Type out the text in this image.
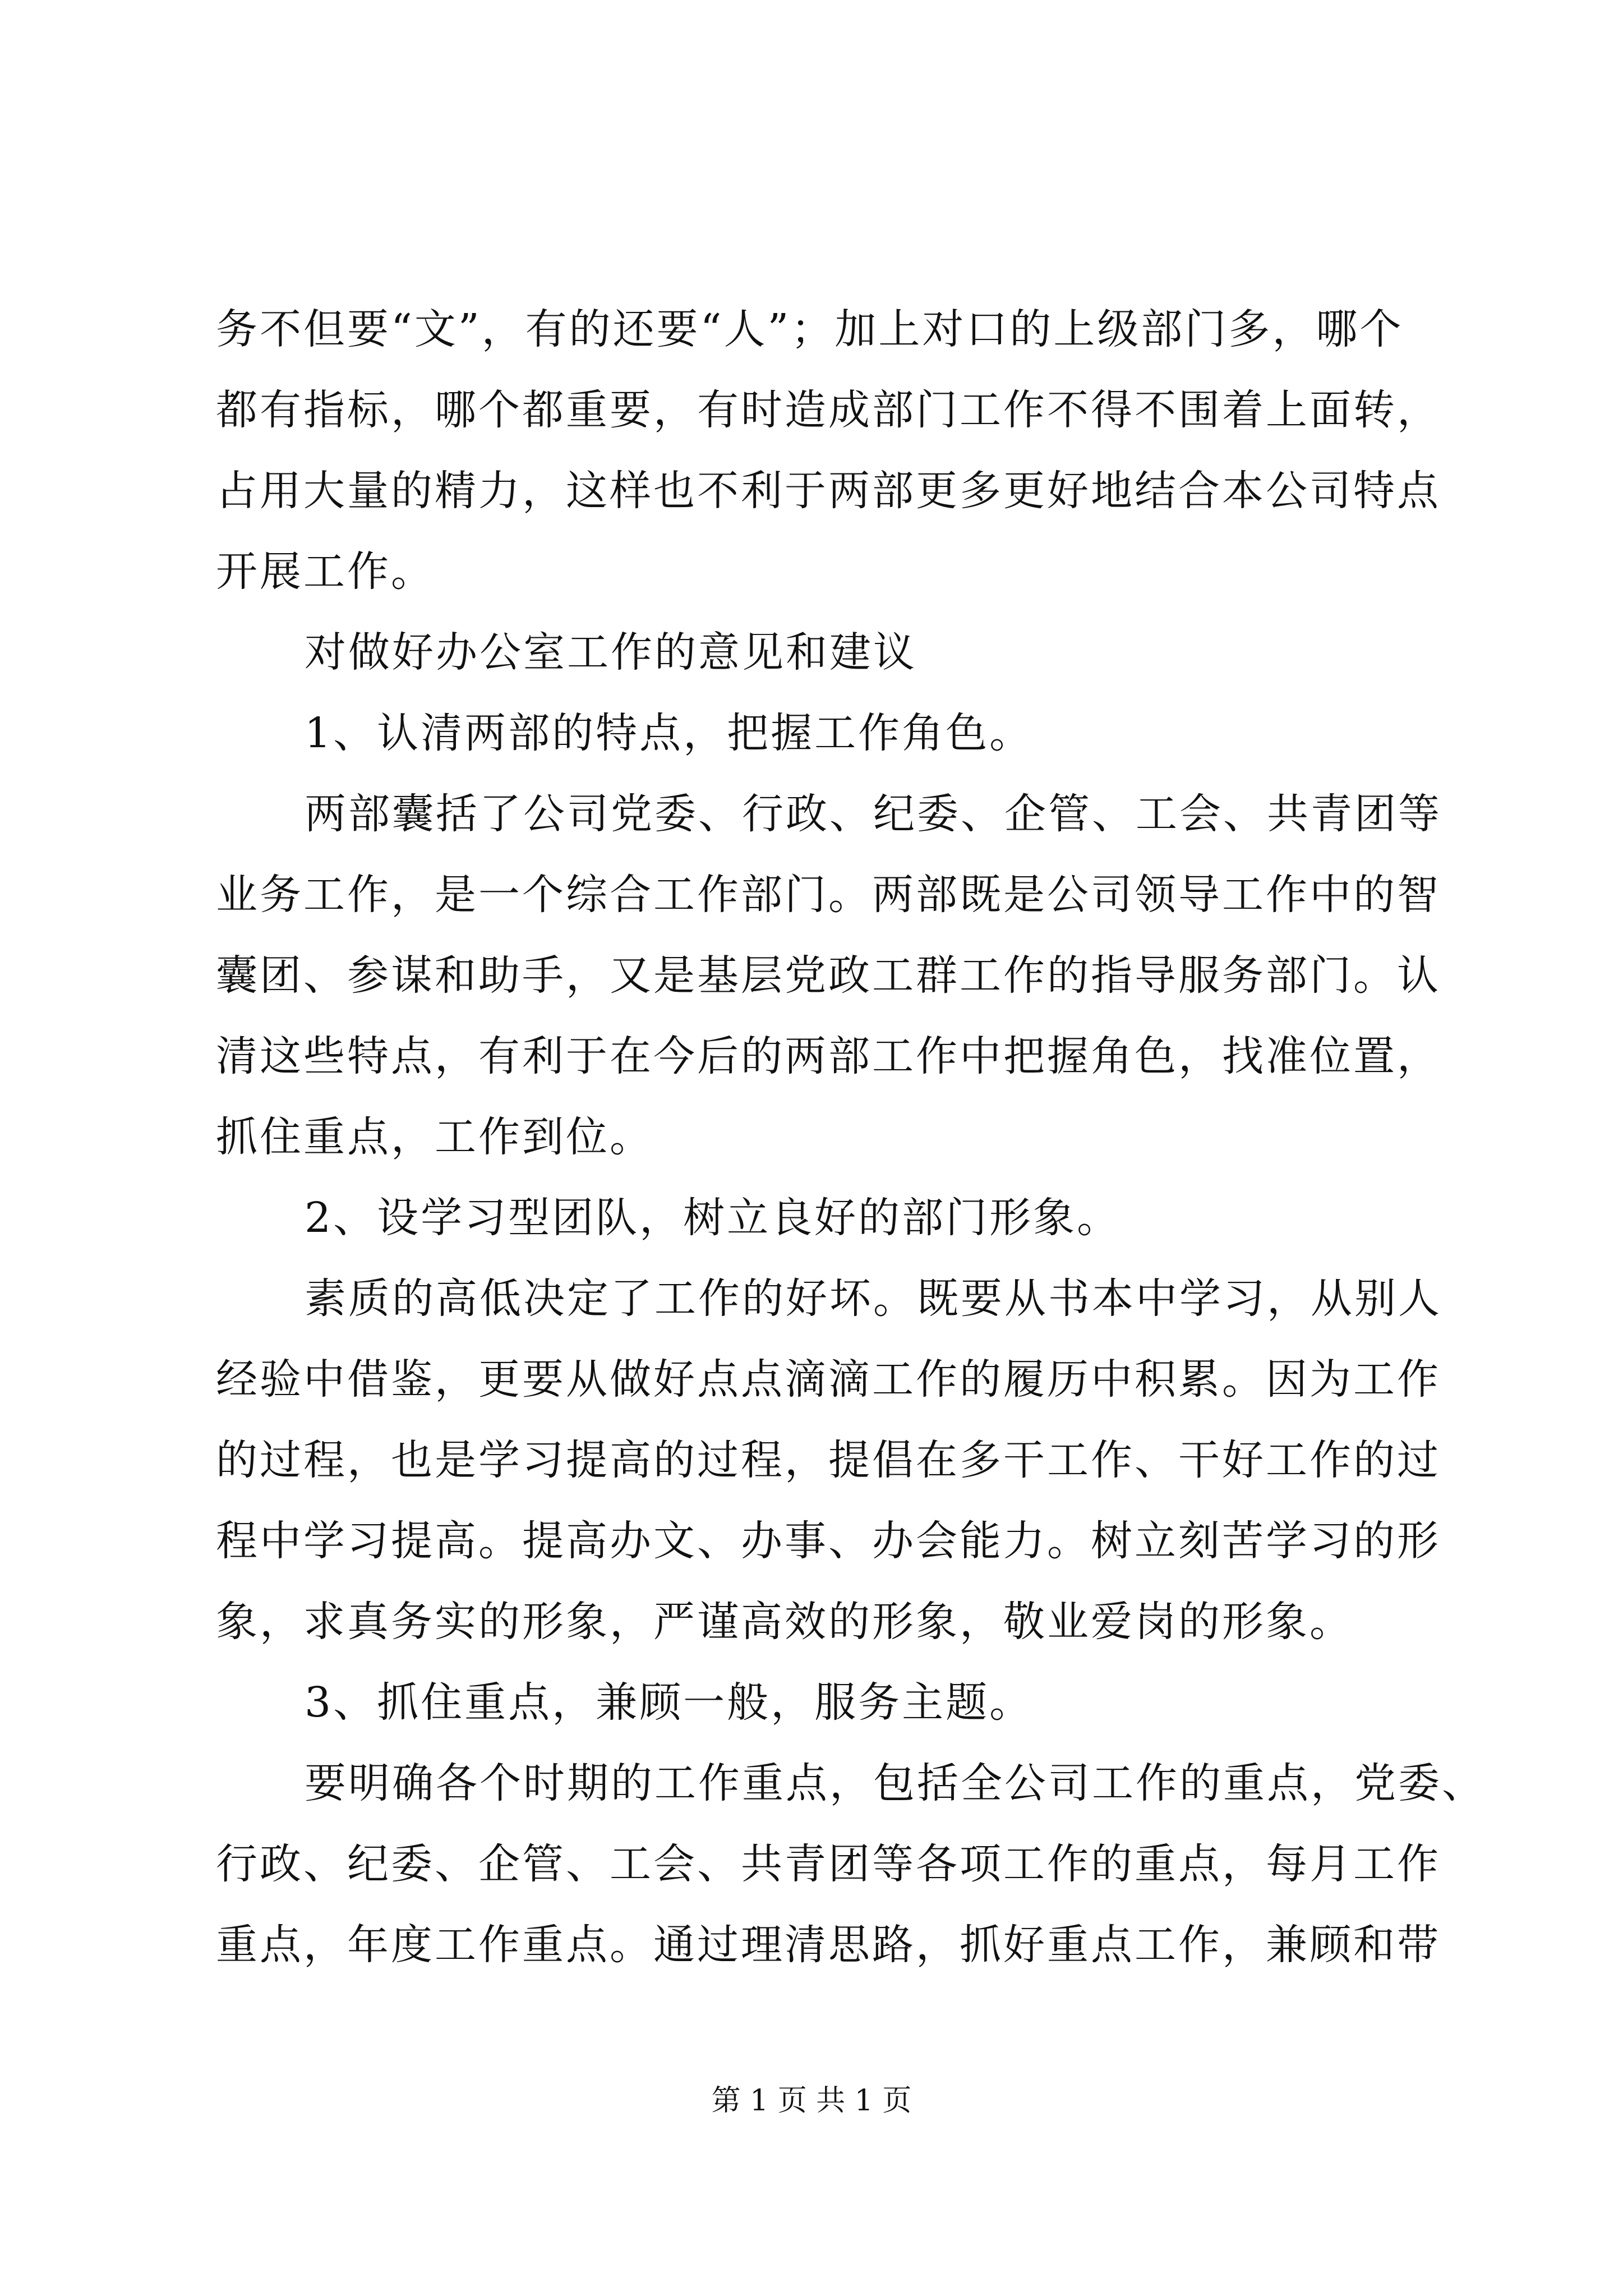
务不但要“文”，有的还要“人”；加上对口的上级部门多，哪个
都有指标，哪个都重要，有时造成部门工作不得不围着上面转，
占用大量的精力，这样也不利于两部更多更好地结合本公司特点
开展工作。
对做好办公室工作的意见和建议
1、认清两部的特点，把握工作角色。
两部囊括了公司党委、行政、纪委、企管、工会、共青团等
业务工作，是一个综合工作部门。两部既是公司领导工作中的智
囊团、参谋和助手，又是基层党政工群工作的指导服务部门。认
清这些特点，有利于在今后的两部工作中把握角色，找准位置，
抓住重点，工作到位。
2、设学习型团队，树立良好的部门形象。
素质的高低决定了工作的好坏。既要从书本中学习，从别人
经验中借鉴，更要从做好点点滴滴工作的履历中积累。因为工作
的过程，也是学习提高的过程，提倡在多干工作、干好工作的过
程中学习提高。提高办文、办事、办会能力。树立刻苦学习的形
象，求真务实的形象，严谨高效的形象，敬业爱岗的形象。
3、抓住重点，兼顾一般，服务主题。
要明确各个时期的工作重点，包括全公司工作的重点，党委、
行政、纪委、企管、工会、共青团等各项工作的重点，每月工作
重点，年度工作重点。通过理清思路，抓好重点工作，兼顾和带
第 1 页 共 1 页
